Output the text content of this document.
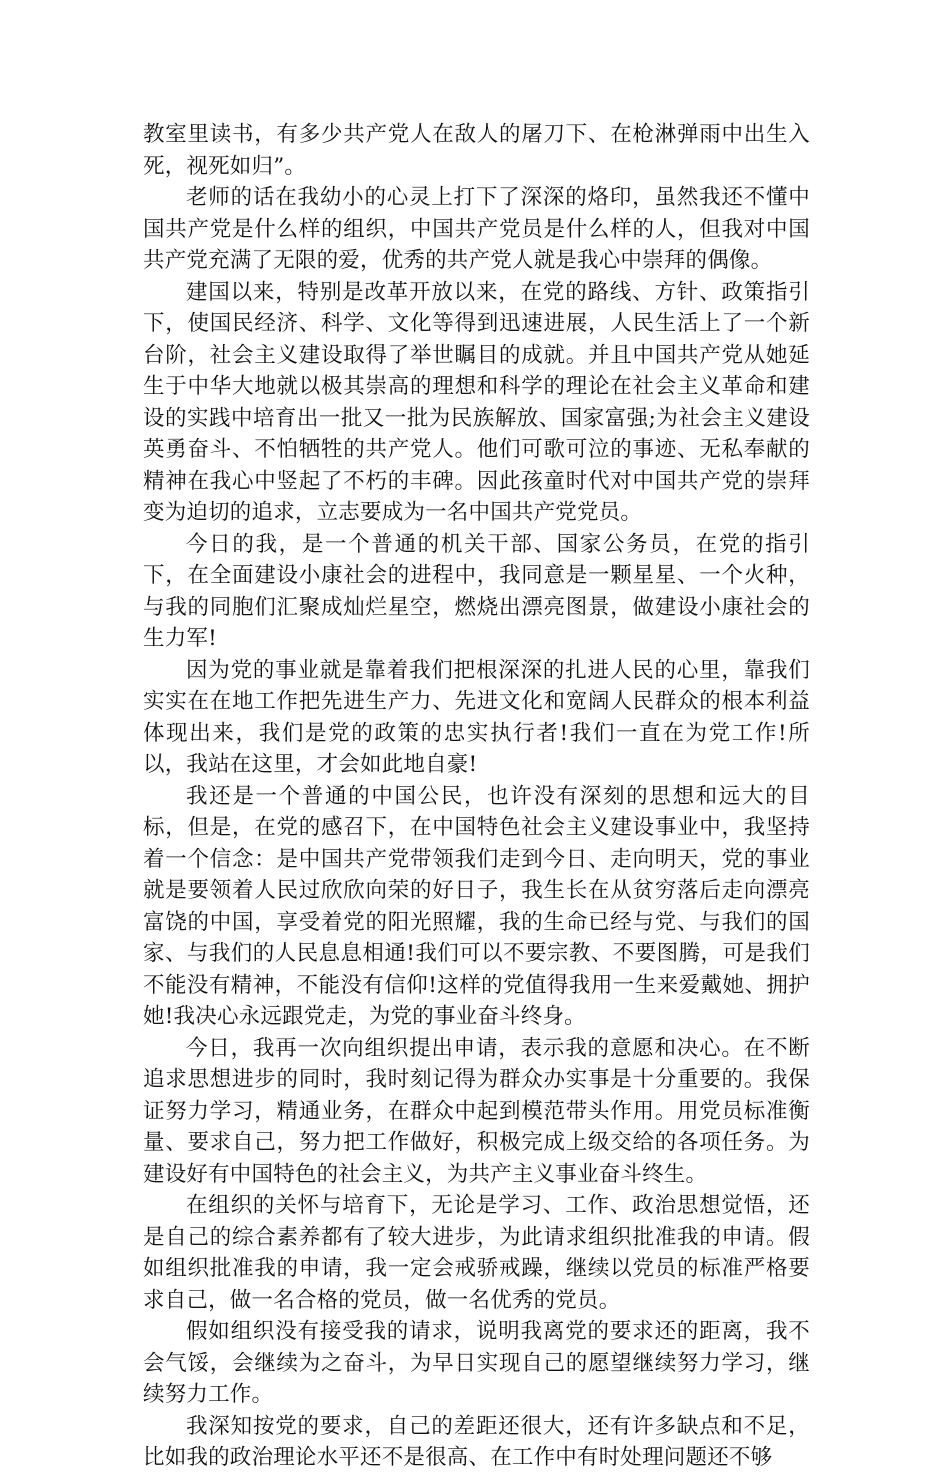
教室里读书，有多少共产党人在敌人的屠刀下、在枪淋弹雨中出生入死，视死如归”。

老师的话在我幼小的心灵上打下了深深的烙印，虽然我还不懂中国共产党是什么样的组织，中国共产党员是什么样的人，但我对中国共产党充满了无限的爱，优秀的共产党人就是我心中崇拜的偶像。

建国以来，特别是改革开放以来，在党的路线、方针、政策指引下，使国民经济、科学、文化等得到迅速进展，人民生活上了一个新台阶，社会主义建设取得了举世瞩目的成就。并且中国共产党从她延生于中华大地就以极其崇高的理想和科学的理论在社会主义革命和建设的实践中培育出一批又一批为民族解放、国家富强;为社会主义建设英勇奋斗、不怕牺牲的共产党人。他们可歌可泣的事迹、无私奉献的精神在我心中竖起了不朽的丰碑。因此孩童时代对中国共产党的崇拜变为迫切的追求，立志要成为一名中国共产党党员。

今日的我，是一个普通的机关干部、国家公务员，在党的指引下，在全面建设小康社会的进程中，我同意是一颗星星、一个火种，与我的同胞们汇聚成灿烂星空，燃烧出漂亮图景，做建设小康社会的生力军!

因为党的事业就是靠着我们把根深深的扎进人民的心里，靠我们实实在在地工作把先进生产力、先进文化和宽阔人民群众的根本利益体现出来，我们是党的政策的忠实执行者!我们一直在为党工作!所以，我站在这里，才会如此地自豪!

我还是一个普通的中国公民，也许没有深刻的思想和远大的目标，但是，在党的感召下，在中国特色社会主义建设事业中，我坚持着一个信念：是中国共产党带领我们走到今日、走向明天，党的事业就是要领着人民过欣欣向荣的好日子，我生长在从贫穷落后走向漂亮富饶的中国，享受着党的阳光照耀，我的生命已经与党、与我们的国家、与我们的人民息息相通!我们可以不要宗教、不要图腾，可是我们不能没有精神，不能没有信仰!这样的党值得我用一生来爱戴她、拥护她!我决心永远跟党走，为党的事业奋斗终身。

今日，我再一次向组织提出申请，表示我的意愿和决心。在不断追求思想进步的同时，我时刻记得为群众办实事是十分重要的。我保证努力学习，精通业务，在群众中起到模范带头作用。用党员标准衡量、要求自己，努力把工作做好，积极完成上级交给的各项任务。为建设好有中国特色的社会主义，为共产主义事业奋斗终生。

在组织的关怀与培育下，无论是学习、工作、政治思想觉悟，还是自己的综合素养都有了较大进步，为此请求组织批准我的申请。假如组织批准我的申请，我一定会戒骄戒躁，继续以党员的标准严格要求自己，做一名合格的党员，做一名优秀的党员。

假如组织没有接受我的请求，说明我离党的要求还的距离，我不会气馁，会继续为之奋斗，为早日实现自己的愿望继续努力学习，继续努力工作。

我深知按党的要求，自己的差距还很大，还有许多缺点和不足，比如我的政治理论水平还不是很高、在工作中有时处理问题还不够
